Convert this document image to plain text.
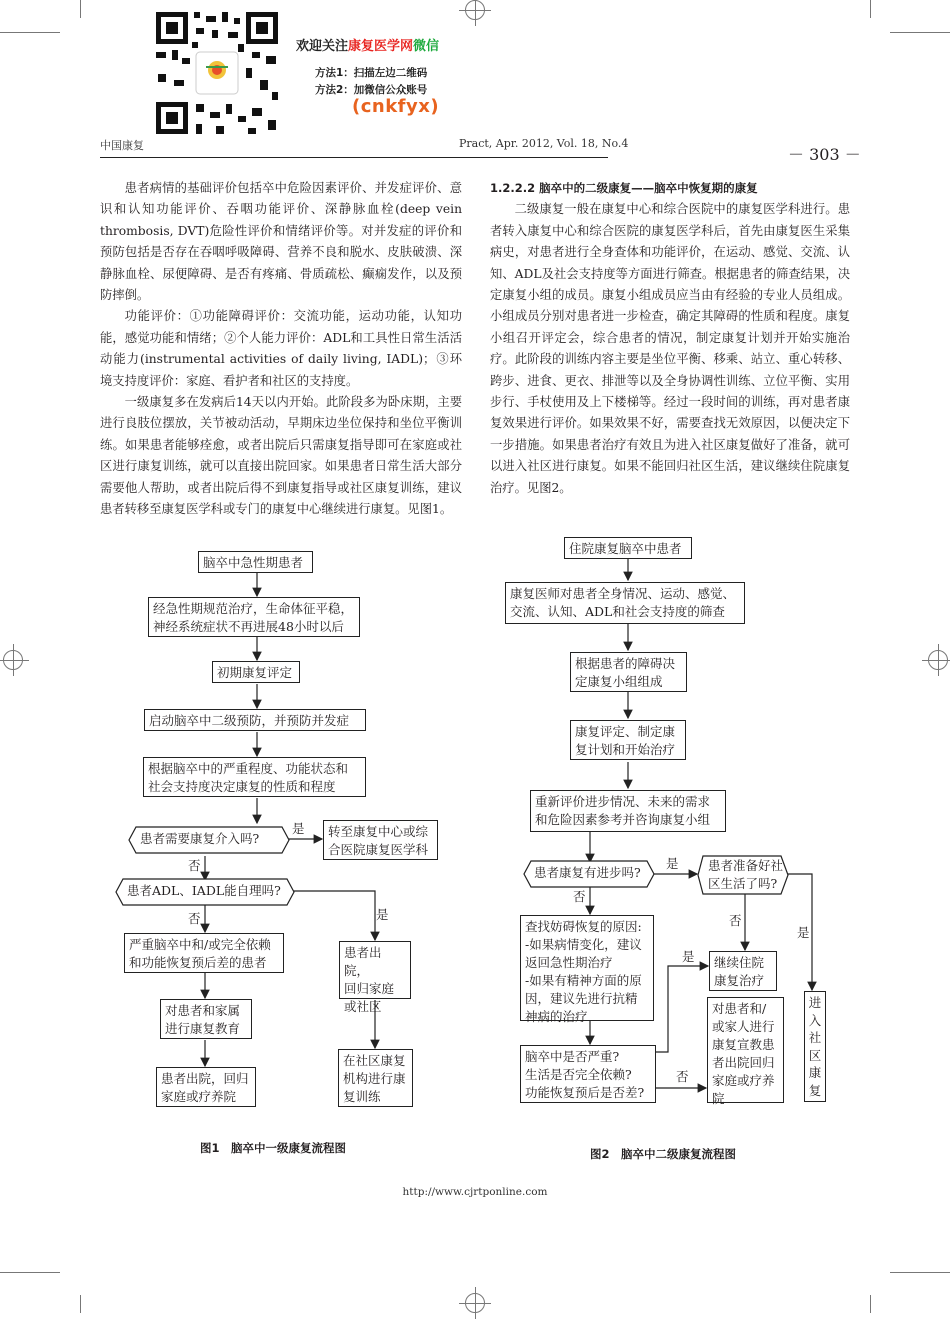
欢迎关注康复医学网微信
方法1：扫描左边二维码
方法2：加微信公众账号
(cnkfyx)
中国康复	Pract, Apr. 2012, Vol. 18, No.4
－ 303 －

患者病情的基础评价包括卒中危险因素评价、并发症评价、意识和认知功能评价、吞咽功能评价、深静脉血栓(deep vein thrombosis, DVT)危险性评价和情绪评价等。对并发症的评价和预防包括是否存在吞咽呼吸障碍、营养不良和脱水、皮肤破溃、深静脉血栓、尿便障碍、是否有疼痛、骨质疏松、癫痫发作，以及预防摔倒。

功能评价：①功能障碍评价：交流功能，运动功能，认知功能，感觉功能和情绪；②个人能力评价：ADL和工具性日常生活活动能力(instrumental activities of daily living, IADL)；③环境支持度评价：家庭、看护者和社区的支持度。

一级康复多在发病后14天以内开始。此阶段多为卧床期，主要进行良肢位摆放，关节被动活动，早期床边坐位保持和坐位平衡训练。如果患者能够痊愈，或者出院后只需康复指导即可在家庭或社区进行康复训练，就可以直接出院回家。如果患者日常生活大部分需要他人帮助，或者出院后得不到康复指导或社区康复训练，建议患者转移至康复医学科或专门的康复中心继续进行康复。见图1。

1.2.2.2 脑卒中的二级康复——脑卒中恢复期的康复

二级康复一般在康复中心和综合医院中的康复医学科进行。患者转入康复中心和综合医院的康复医学科后，首先由康复医生采集病史，对患者进行全身查体和功能评价，在运动、感觉、交流、认知、ADL及社会支持度等方面进行筛查。根据患者的筛查结果，决定康复小组的成员。康复小组成员应当由有经验的专业人员组成。小组成员分别对患者进一步检查，确定其障碍的性质和程度。康复小组召开评定会，综合患者的情况，制定康复计划并开始实施治疗。此阶段的训练内容主要是坐位平衡、移乘、站立、重心转移、跨步、进食、更衣、排泄等以及全身协调性训练、立位平衡、实用步行、手杖使用及上下楼梯等。经过一段时间的训练，再对患者康复效果进行评价。如果效果不好，需要查找无效原因，以便决定下一步措施。如果患者治疗有效且为进入社区康复做好了准备，就可以进入社区进行康复。如果不能回归社区生活，建议继续住院康复治疗。见图2。

脑卒中急性期患者
经急性期规范治疗，生命体征平稳，
神经系统症状不再进展48小时以后
初期康复评定
启动脑卒中二级预防，并预防并发症
根据脑卒中的严重程度、功能状态和
社会支持度决定康复的性质和程度
患者需要康复介入吗?
是	转至康复中心或综
合医院康复医学科
否
患者ADL、IADL能自理吗?
否	是
严重脑卒中和/或完全依赖
和功能恢复预后差的患者
患者出院，
回归家庭
或社区
对患者和家属
进行康复教育
患者出院，回归
家庭或疗养院
在社区康复
机构进行康
复训练
图1　脑卒中一级康复流程图
住院康复脑卒中患者
康复医师对患者全身情况、运动、感觉、
交流、认知、ADL和社会支持度的筛查
根据患者的障碍决
定康复小组组成
康复评定、制定康
复计划和开始治疗
重新评价进步情况、未来的需求
和危险因素参考并咨询康复小组
患者康复有进步吗?
是 患者准备好社
区生活了吗?
否
查找妨碍恢复的原因:
-如果病情变化，建议
返回急性期治疗
-如果有精神方面的原
因，建议先进行抗精
神病的治疗
否
是
是	继续住院
康复治疗
进
入
社
区
康
复
对患者和/
或家人进行
康复宣教患
者出院回归
家庭或疗养
院
脑卒中是否严重?
生活是否完全依赖?
功能恢复预后是否差?
否
图2　脑卒中二级康复流程图
http://www.cjrtponline.com
